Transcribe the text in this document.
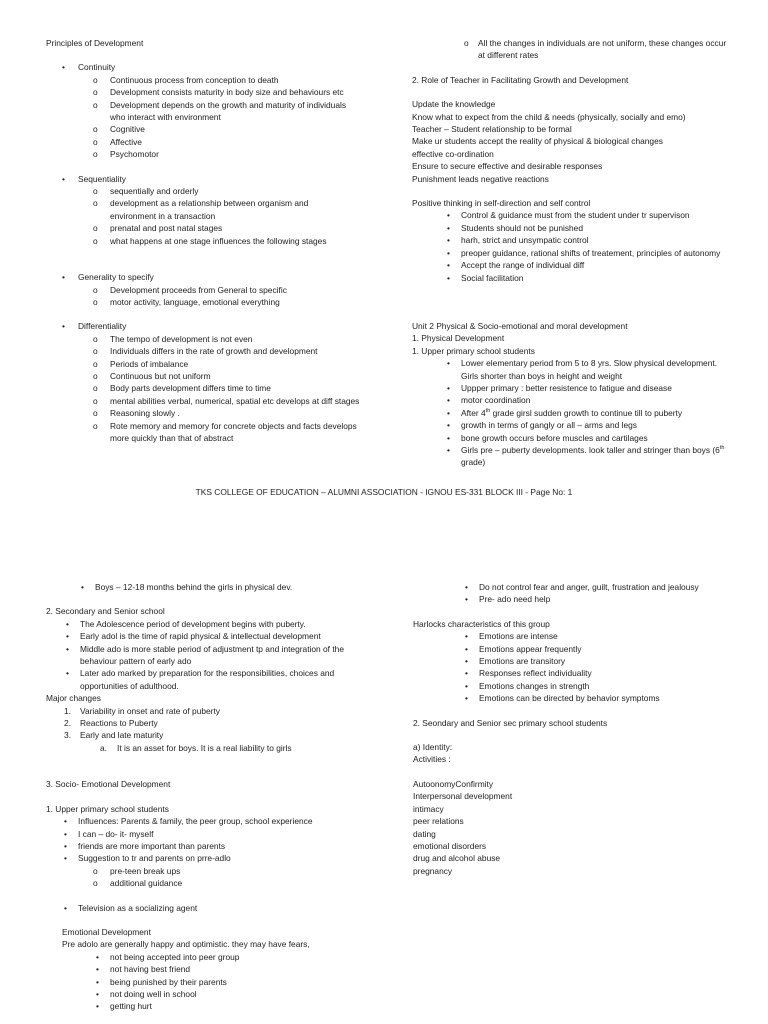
Principles of Development
• Continuity
o Continuous process from conception to death
o Development consists maturity in body size and behaviours etc
o Development depends on the growth and maturity of individuals who interact with environment
o Cognitive
o Affective
o Psychomotor
• Sequentiality
o sequentially and orderly
o development as a relationship between organism and environment in a transaction
o prenatal and post natal stages
o what happens at one stage influences the following stages
• Generality to specify
o Development proceeds from General to specific
o motor activity, language, emotional everything
• Differentiality
o The tempo of development is not even
o Individuals differs in the rate of growth and development
o Periods of imbalance
o Continuous but not uniform
o Body parts development differs time to time
o mental abilities verbal, numerical, spatial etc develops at diff stages
o Reasoning slowly .
o Rote memory and memory for concrete objects and facts develops more quickly than that of abstract
o All the changes in individuals are not uniform, these changes occur at different rates
2. Role of Teacher in Facilitating Growth and Development
Update the knowledge
Know what to expect from the child & needs (physically, socially and emo)
Teacher – Student relationship to be formal
Make ur students accept the reality of physical & biological changes
effective co-ordination
Ensure to secure effective and desirable responses
Punishment leads negative reactions
Positive thinking in self-direction and self control
• Control & guidance must from the student under tr supervison
• Students should not be punished
• harh, strict and unsympatic control
• preoper guidance, rational shifts of treatement, principles of autonomy
• Accept the range of individual diff
• Social facilitation
Unit 2 Physical & Socio-emotional and moral development
1. Physical Development
1. Upper primary school students
• Lower elementary period from 5 to 8 yrs. Slow physical development. Girls shorter than boys in height and weight
• Uppper primary : better resistence to fatigue and disease
• motor coordination
• After 4th grade girsl sudden growth to continue till to puberty
• growth in terms of gangly or all – arms and legs
• bone growth occurs before muscles and cartilages
• Girls pre – puberty developments. look taller and stringer than boys (6th grade)
TKS COLLEGE OF EDUCATION – ALUMNI ASSOCIATION - IGNOU ES-331 BLOCK III - Page No: 1
• Boys – 12-18 months behind the girls in physical dev.
2. Secondary and Senior school
• The Adolescence period of development begins with puberty.
• Early adol is the time of rapid physical & intellectual development
• Middle ado is more stable period of adjustment tp and integration of the behaviour pattern of early ado
• Later ado marked by preparation for the responsibilities, choices and opportunities of adulthood.
Major changes
1. Variability in onset and rate of puberty
2. Reactions to Puberty
3. Early and late maturity
a. It is an asset for boys. It is a real liability to girls
3. Socio- Emotional Development
1. Upper primary school students
• Influences: Parents & family, the peer group, school experience
• I can – do- it- myself
• friends are more important than parents
• Suggestion to tr and parents on prre-adlo
o pre-teen break ups
o additional guidance
• Television as a socializing agent
Emotional Development
Pre adolo are generally happy and optimistic. they may have fears,
• not being accepted into peer group
• not having best friend
• being punished by their parents
• not doing well in school
• getting hurt
• Do not control fear and anger, guilt, frustration and jealousy
• Pre- ado need help
Harlocks characteristics of this group
• Emotions are intense
• Emotions appear frequently
• Emotions are transitory
• Responses reflect individuality
• Emotions changes in strength
• Emotions can be directed by behavior symptoms
2. Seondary and Senior sec primary school students
a) Identity:
Activities :
AutoonomyConfirmity
Interpersonal development
intimacy
peer relations
dating
emotional disorders
drug and alcohol abuse
pregnancy
